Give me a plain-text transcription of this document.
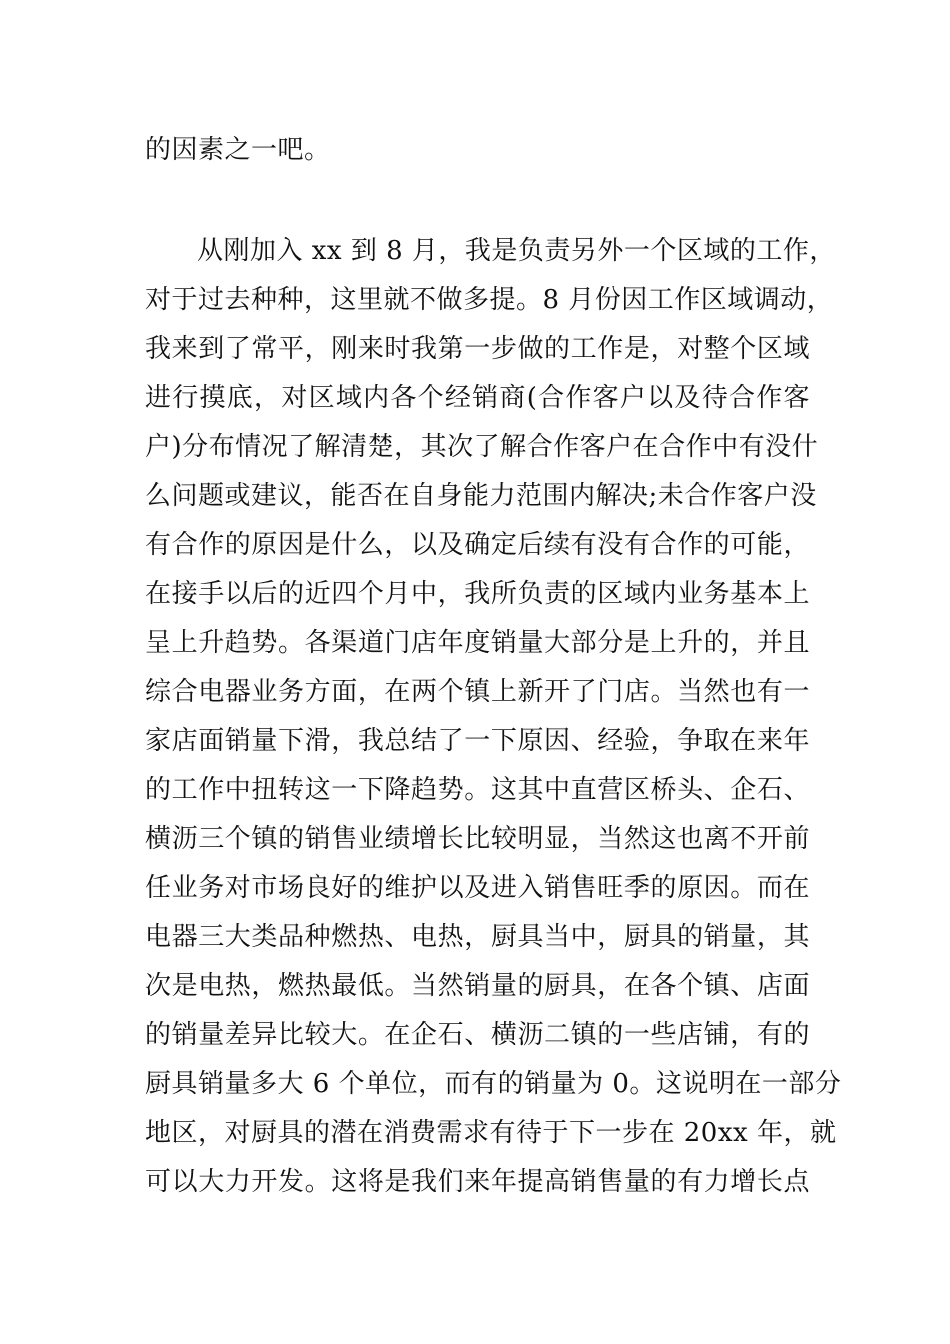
的因素之一吧。
从刚加入 xx 到 8 月，我是负责另外一个区域的工作，
对于过去种种，这里就不做多提。8 月份因工作区域调动，
我来到了常平，刚来时我第一步做的工作是，对整个区域
进行摸底，对区域内各个经销商(合作客户以及待合作客
户)分布情况了解清楚，其次了解合作客户在合作中有没什
么问题或建议，能否在自身能力范围内解决;未合作客户没
有合作的原因是什么，以及确定后续有没有合作的可能，
在接手以后的近四个月中，我所负责的区域内业务基本上
呈上升趋势。各渠道门店年度销量大部分是上升的，并且
综合电器业务方面，在两个镇上新开了门店。当然也有一
家店面销量下滑，我总结了一下原因、经验，争取在来年
的工作中扭转这一下降趋势。这其中直营区桥头、企石、
横沥三个镇的销售业绩增长比较明显，当然这也离不开前
任业务对市场良好的维护以及进入销售旺季的原因。而在
电器三大类品种燃热、电热，厨具当中，厨具的销量，其
次是电热，燃热最低。当然销量的厨具，在各个镇、店面
的销量差异比较大。在企石、横沥二镇的一些店铺，有的
厨具销量多大 6 个单位，而有的销量为 0。这说明在一部分
地区，对厨具的潜在消费需求有待于下一步在 20xx 年，就
可以大力开发。这将是我们来年提高销售量的有力增长点
